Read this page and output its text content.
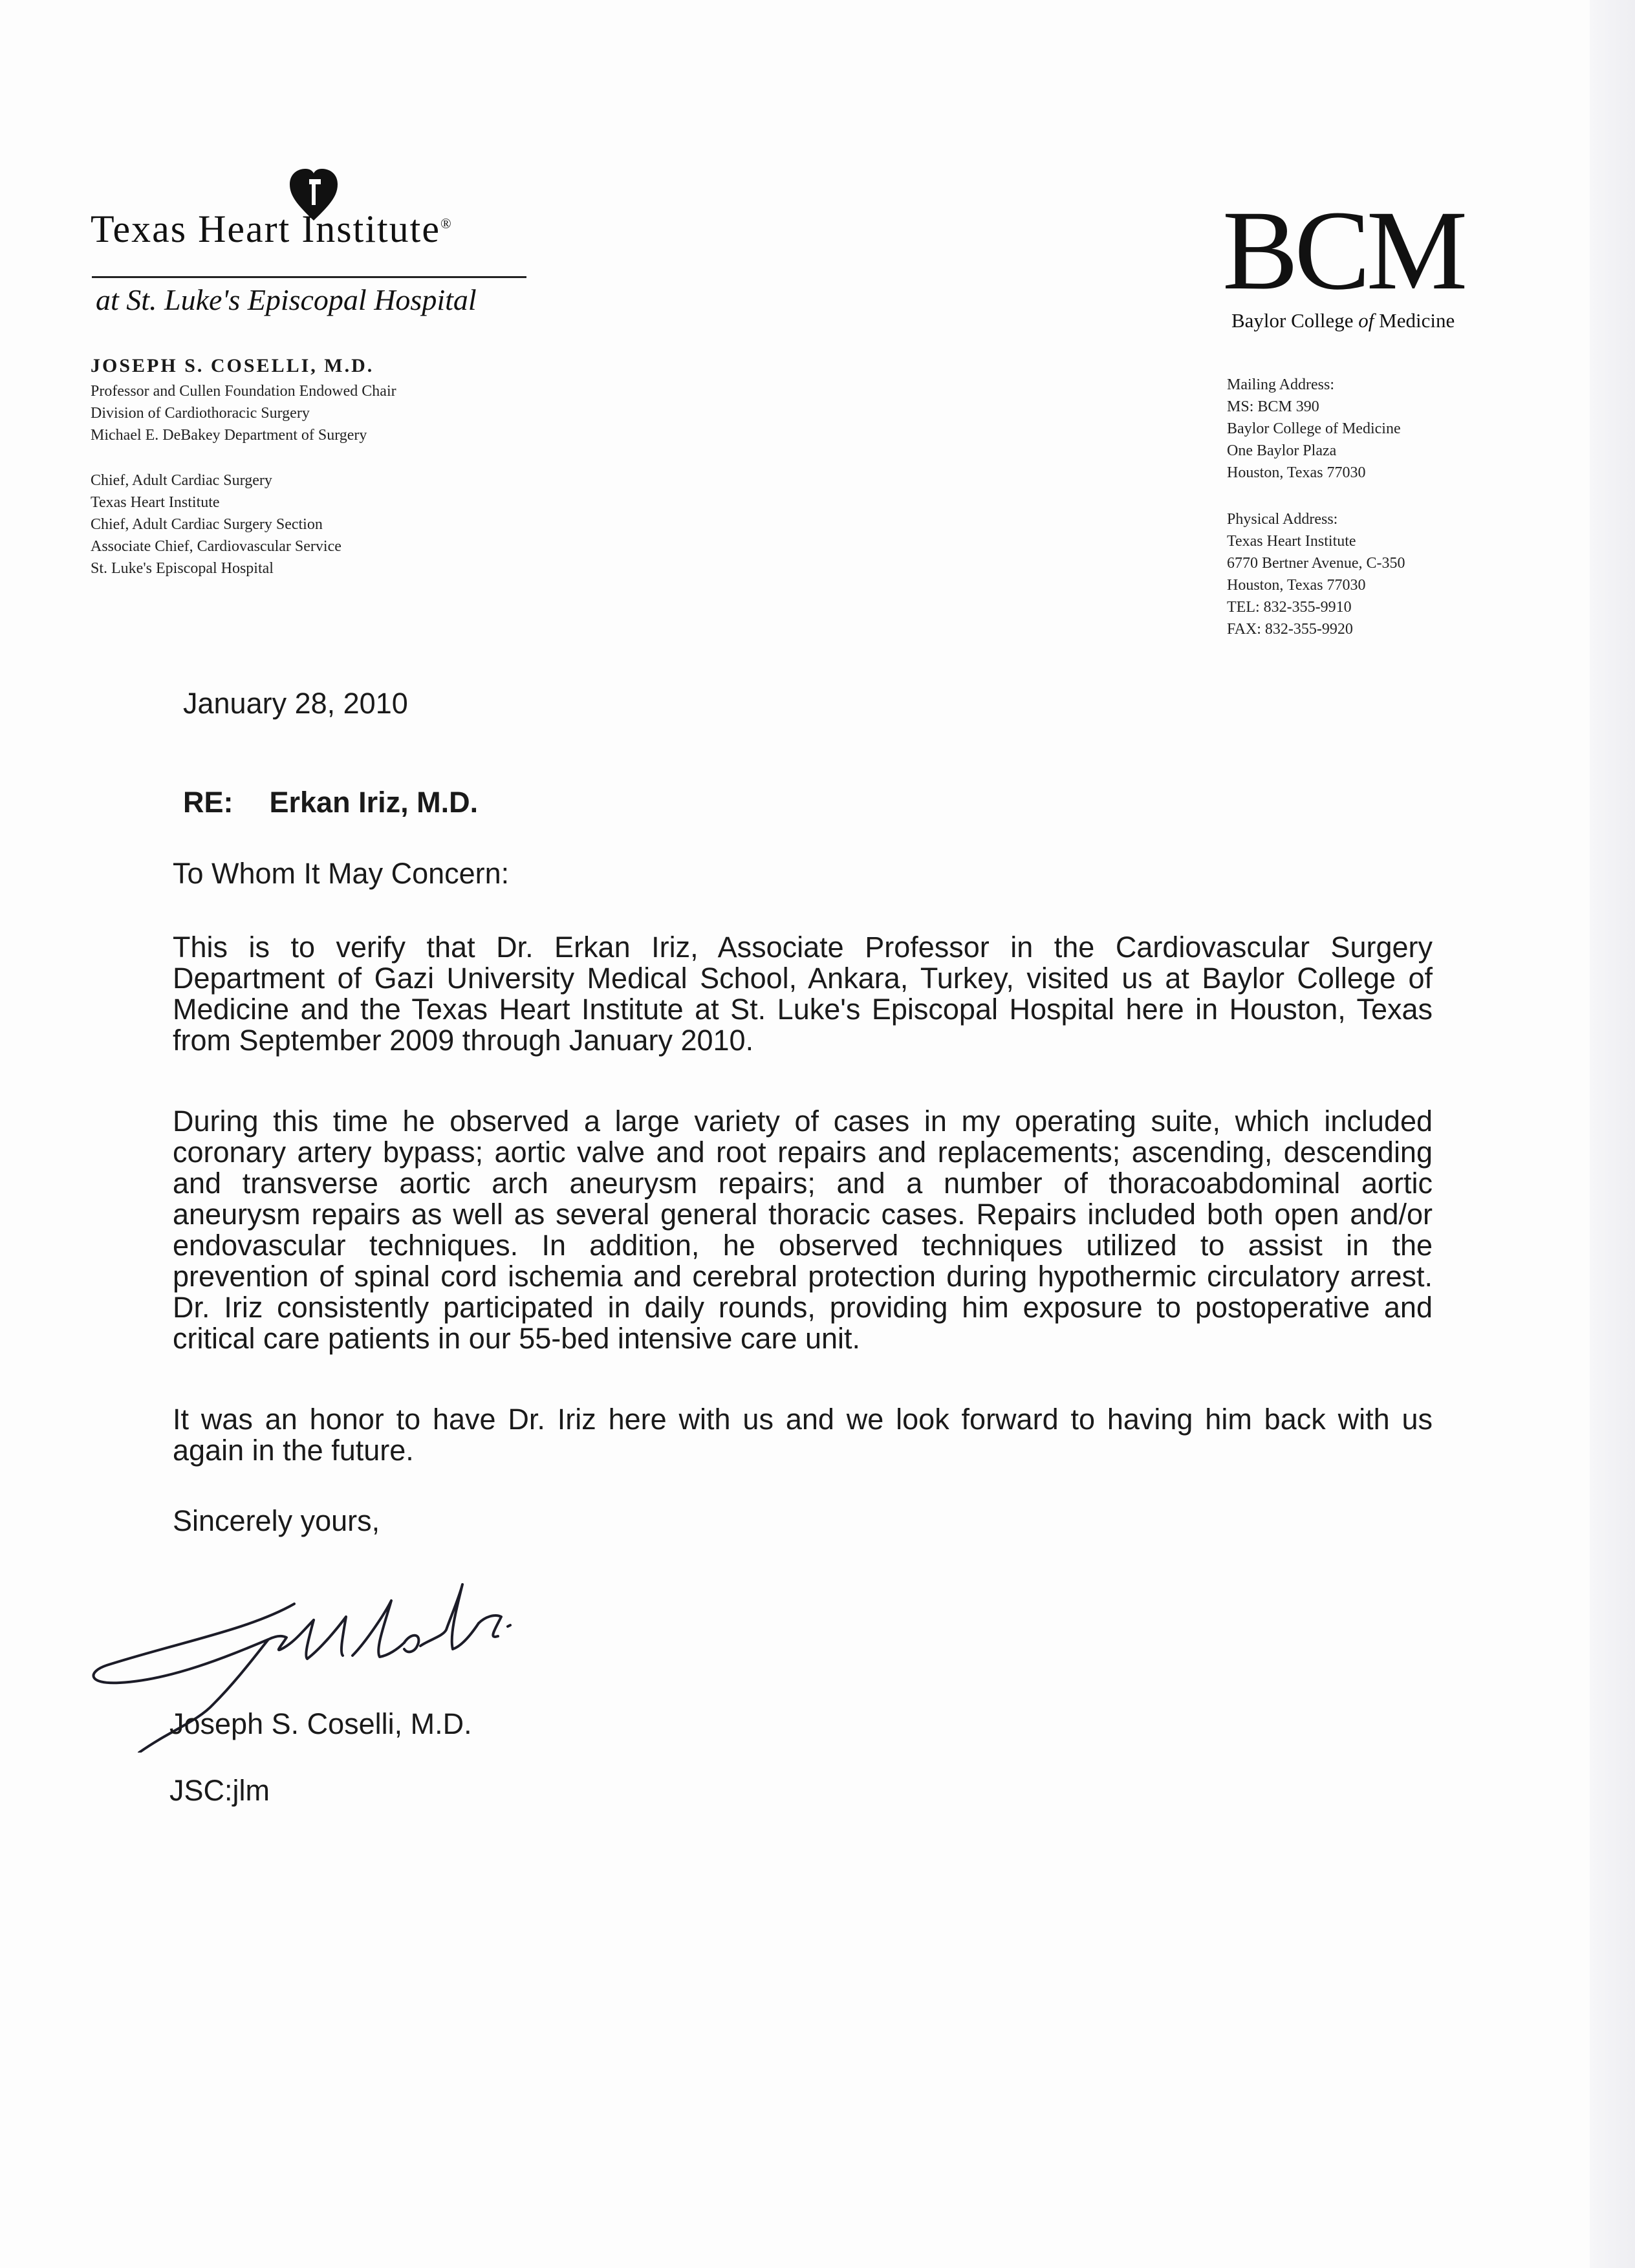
Texas Heart Institute®
at St. Luke's Episcopal Hospital
JOSEPH S. COSELLI, M.D.
Professor and Cullen Foundation Endowed Chair
Division of Cardiothoracic Surgery
Michael E. DeBakey Department of Surgery
Chief, Adult Cardiac Surgery
Texas Heart Institute
Chief, Adult Cardiac Surgery Section
Associate Chief, Cardiovascular Service
St. Luke's Episcopal Hospital
BCM
Baylor College of Medicine
Mailing Address:
MS: BCM 390
Baylor College of Medicine
One Baylor Plaza
Houston, Texas 77030
Physical Address:
Texas Heart Institute
6770 Bertner Avenue, C-350
Houston, Texas 77030
TEL: 832-355-9910
FAX: 832-355-9920
January 28, 2010
RE: Erkan Iriz, M.D.
To Whom It May Concern:
This is to verify that Dr. Erkan Iriz, Associate Professor in the Cardiovascular Surgery
Department of Gazi University Medical School, Ankara, Turkey, visited us at Baylor College of
Medicine and the Texas Heart Institute at St. Luke's Episcopal Hospital here in Houston, Texas
from September 2009 through January 2010.
During this time he observed a large variety of cases in my operating suite, which included
coronary artery bypass; aortic valve and root repairs and replacements; ascending, descending
and transverse aortic arch aneurysm repairs; and a number of thoracoabdominal aortic
aneurysm repairs as well as several general thoracic cases. Repairs included both open and/or
endovascular techniques. In addition, he observed techniques utilized to assist in the
prevention of spinal cord ischemia and cerebral protection during hypothermic circulatory arrest.
Dr. Iriz consistently participated in daily rounds, providing him exposure to postoperative and
critical care patients in our 55-bed intensive care unit.
It was an honor to have Dr. Iriz here with us and we look forward to having him back with us
again in the future.
Sincerely yours,
Joseph S. Coselli, M.D.
JSC:jlm
